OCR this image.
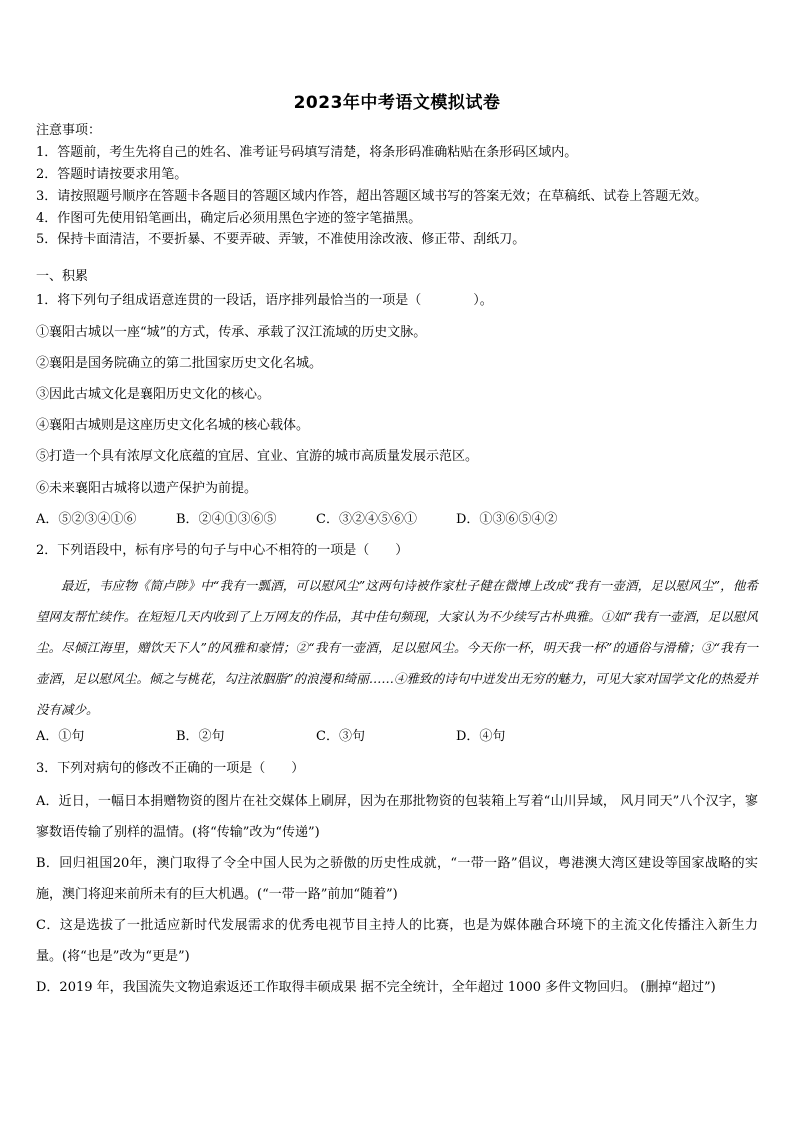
2023年中考语文模拟试卷
注意事项：
1．答题前，考生先将自己的姓名、准考证号码填写清楚，将条形码准确粘贴在条形码区域内。
2．答题时请按要求用笔。
3．请按照题号顺序在答题卡各题目的答题区域内作答，超出答题区域书写的答案无效；在草稿纸、试卷上答题无效。
4．作图可先使用铅笔画出，确定后必须用黑色字迹的签字笔描黑。
5．保持卡面清洁，不要折暴、不要弄破、弄皱，不准使用涂改液、修正带、刮纸刀。
一、积累
1．将下列句子组成语意连贯的一段话，语序排列最恰当的一项是（　　　　）。
①襄阳古城以一座“城”的方式，传承、承载了汉江流域的历史文脉。
②襄阳是国务院确立的第二批国家历史文化名城。
③因此古城文化是襄阳历史文化的核心。
④襄阳古城则是这座历史文化名城的核心载体。
⑤打造一个具有浓厚文化底蕴的宜居、宜业、宜游的城市高质量发展示范区。
⑥未来襄阳古城将以遗产保护为前提。
A．⑤②③④①⑥	B．②④①③⑥⑤	C．③②④⑤⑥①	D．①③⑥⑤④②
2．下列语段中，标有序号的句子与中心不相符的一项是（　　）
最近，韦应物《简卢陟》中“我有一瓢酒，可以慰风尘”这两句诗被作家杜子健在微博上改成“我有一壶酒，足以慰风尘”，他希望网友帮忙续作。在短短几天内收到了上万网友的作品，其中佳句频现，大家认为不少续写古朴典雅。①如“我有一壶酒，足以慰风尘。尽倾江海里，赠饮天下人”的风雅和豪情；②“我有一壶酒，足以慰风尘。今天你一杯，明天我一杯”的通俗与滑稽；③“我有一壶酒，足以慰风尘。倾之与桃花，勾注浓胭脂”的浪漫和绮丽……④雅致的诗句中迸发出无穷的魅力，可见大家对国学文化的热爱并没有减少。
A．①句	B．②句	C．③句	D．④句
3．下列对病句的修改不正确的一项是（　　）
A．近日，一幅日本捐赠物资的图片在社交媒体上刷屏，因为在那批物资的包装箱上写着“山川异域， 风月同天”八个汉字，寥寥数语传输了别样的温情。(将“传输”改为“传递”)
B．回归祖国20年，澳门取得了令全中国人民为之骄傲的历史性成就，“一带一路”倡议，粤港澳大湾区建设等国家战略的实施，澳门将迎来前所未有的巨大机遇。(“一带一路”前加“随着”)
C．这是选拔了一批适应新时代发展需求的优秀电视节目主持人的比赛，也是为媒体融合环境下的主流文化传播注入新生力量。(将“也是”改为“更是”)
D．2019 年，我国流失文物追索返还工作取得丰硕成果 据不完全统计，全年超过 1000 多件文物回归。 (删掉“超过”)
